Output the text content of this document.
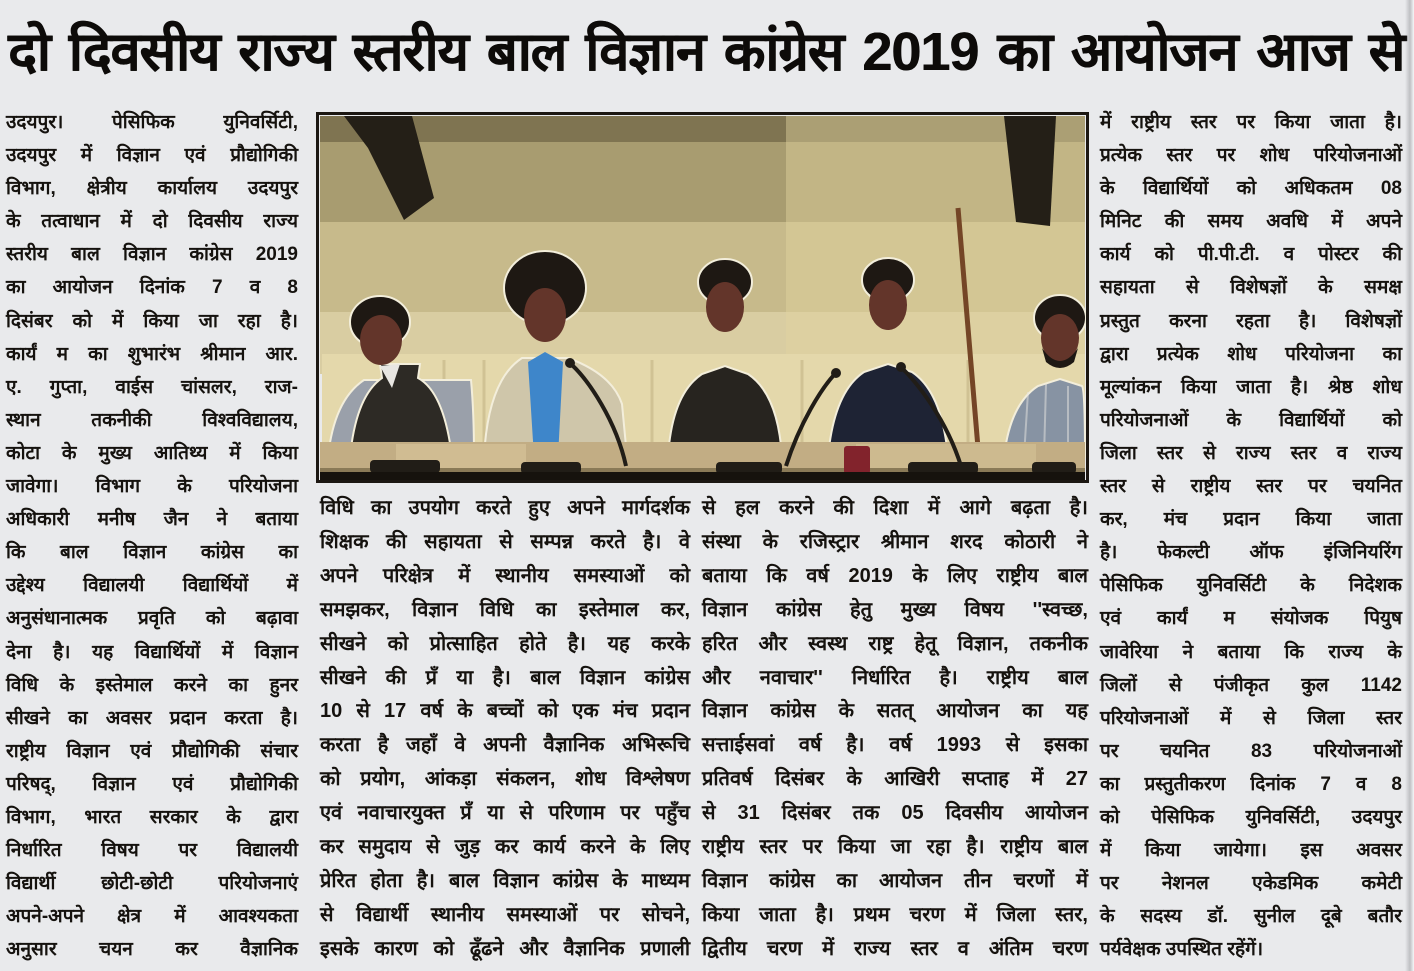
दो दिवसीय राज्य स्तरीय बाल विज्ञान कांग्रेस 2019 का आयोजन आज से
उदयपुर। पेसिफिक युनिवर्सिटी,
उदयपुर में विज्ञान एवं प्रौद्योगिकी
विभाग, क्षेत्रीय कार्यालय उदयपुर
के तत्वाधान में दो दिवसीय राज्य
स्तरीय बाल विज्ञान कांग्रेस 2019
का आयोजन दिनांक 7 व 8
दिसंबर को में किया जा रहा है।
कार्यं म का शुभारंभ श्रीमान आर.
ए. गुप्ता, वाईस चांसलर, राज-
स्थान तकनीकी विश्वविद्यालय,
कोटा के मुख्य आतिथ्य में किया
जावेगा। विभाग के परियोजना
अधिकारी मनीष जैन ने बताया
कि बाल विज्ञान कांग्रेस का
उद्देश्य विद्यालयी विद्यार्थियों में
अनुसंधानात्मक प्रवृति को बढ़ावा
देना है। यह विद्यार्थियों में विज्ञान
विधि के इस्तेमाल करने का हुनर
सीखने का अवसर प्रदान करता है।
राष्ट्रीय विज्ञान एवं प्रौद्योगिकी संचार
परिषद्, विज्ञान एवं प्रौद्योगिकी
विभाग, भारत सरकार के द्वारा
निर्धारित विषय पर विद्यालयी
विद्यार्थी छोटी-छोटी परियोजनाएं
अपने-अपने क्षेत्र में आवश्यकता
अनुसार चयन कर वैज्ञानिक
विधि का उपयोग करते हुए अपने मार्गदर्शक
शिक्षक की सहायता से सम्पन्न करते है। वे
अपने परिक्षेत्र में स्थानीय समस्याओं को
समझकर, विज्ञान विधि का इस्तेमाल कर,
सीखने को प्रोत्साहित होते है। यह करके
सीखने की प्रँ या है। बाल विज्ञान कांग्रेस
10 से 17 वर्ष के बच्चों को एक मंच प्रदान
करता है जहाँ वे अपनी वैज्ञानिक अभिरूचि
को प्रयोग, आंकड़ा संकलन, शोध विश्लेषण
एवं नवाचारयुक्त प्रँ या से परिणाम पर पहुँच
कर समुदाय से जुड़ कर कार्य करने के लिए
प्रेरित होता है। बाल विज्ञान कांग्रेस के माध्यम
से विद्यार्थी स्थानीय समस्याओं पर सोचने,
इसके कारण को ढूँढने और वैज्ञानिक प्रणाली
से हल करने की दिशा में आगे बढ़ता है।
संस्था के रजिस्ट्रार श्रीमान शरद कोठारी ने
बताया कि वर्ष 2019 के लिए राष्ट्रीय बाल
विज्ञान कांग्रेस हेतु मुख्य विषय ''स्वच्छ,
हरित और स्वस्थ राष्ट्र हेतू विज्ञान, तकनीक
और नवाचार'' निर्धारित है। राष्ट्रीय बाल
विज्ञान कांग्रेस के सतत् आयोजन का यह
सत्ताईसवां वर्ष है। वर्ष 1993 से इसका
प्रतिवर्ष दिसंबर के आखिरी सप्ताह में 27
से 31 दिसंबर तक 05 दिवसीय आयोजन
राष्ट्रीय स्तर पर किया जा रहा है। राष्ट्रीय बाल
विज्ञान कांग्रेस का आयोजन तीन चरणों में
किया जाता है। प्रथम चरण में जिला स्तर,
द्वितीय चरण में राज्य स्तर व अंतिम चरण
में राष्ट्रीय स्तर पर किया जाता है।
प्रत्येक स्तर पर शोध परियोजनाओं
के विद्यार्थियों को अधिकतम 08
मिनिट की समय अवधि में अपने
कार्य को पी.पी.टी. व पोस्टर की
सहायता से विशेषज्ञों के समक्ष
प्रस्तुत करना रहता है। विशेषज्ञों
द्वारा प्रत्येक शोध परियोजना का
मूल्यांकन किया जाता है। श्रेष्ठ शोध
परियोजनाओं के विद्यार्थियों को
जिला स्तर से राज्य स्तर व राज्य
स्तर से राष्ट्रीय स्तर पर चयनित
कर, मंच प्रदान किया जाता
है। फेकल्टी ऑफ इंजिनियरिंग
पेसिफिक युनिवर्सिटी के निदेशक
एवं कार्यं म संयोजक पियुष
जावेरिया ने बताया कि राज्य के
जिलों से पंजीकृत कुल 1142
परियोजनाओं में से जिला स्तर
पर चयनित 83 परियोजनाओं
का प्रस्तुतीकरण दिनांक 7 व 8
को पेसिफिक युनिवर्सिटी, उदयपुर
में किया जायेगा। इस अवसर
पर नेशनल एकेडमिक कमेटी
के सदस्य डॉ. सुनील दूबे बतौर
पर्यवेक्षक उपस्थित रहेंगें।
